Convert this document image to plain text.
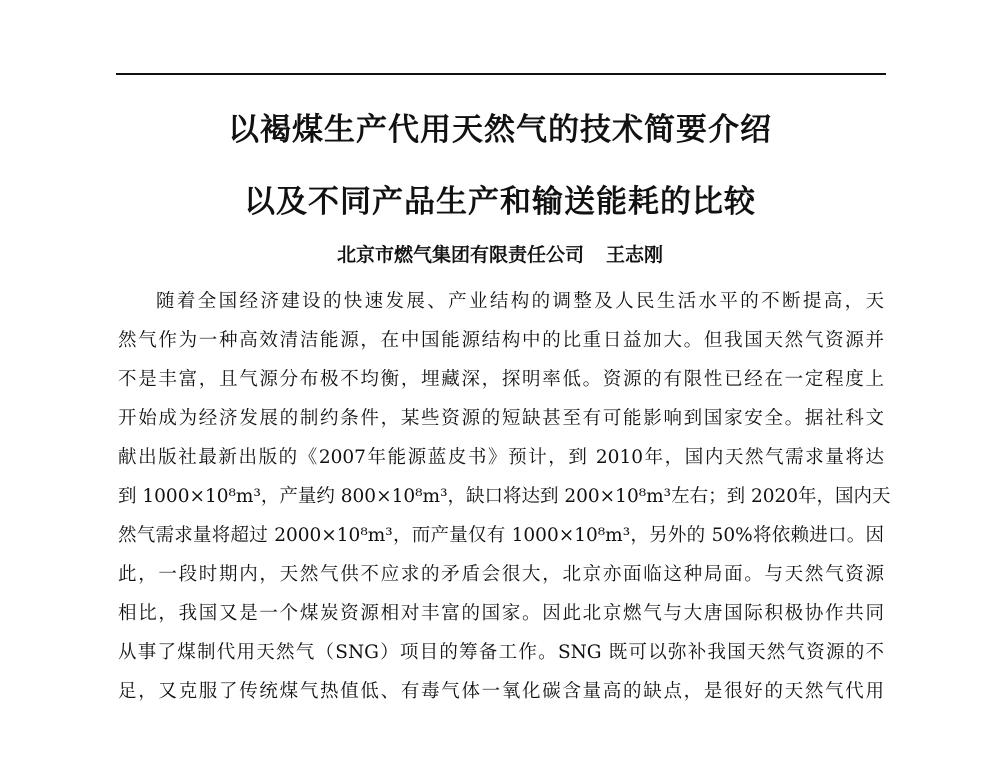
以褐煤生产代用天然气的技术简要介绍
以及不同产品生产和输送能耗的比较
北京市燃气集团有限责任公司 王志刚
随着全国经济建设的快速发展、产业结构的调整及人民生活水平的不断提高，天
然气作为一种高效清洁能源，在中国能源结构中的比重日益加大。但我国天然气资源并
不是丰富，且气源分布极不均衡，埋藏深，探明率低。资源的有限性已经在一定程度上
开始成为经济发展的制约条件，某些资源的短缺甚至有可能影响到国家安全。据社科文
献出版社最新出版的《2007年能源蓝皮书》预计，到 2010年，国内天然气需求量将达
到 1000×10⁸m³，产量约 800×10⁸m³，缺口将达到 200×10⁸m³左右；到 2020年，国内天
然气需求量将超过 2000×10⁸m³，而产量仅有 1000×10⁸m³，另外的 50%将依赖进口。因
此，一段时期内，天然气供不应求的矛盾会很大，北京亦面临这种局面。与天然气资源
相比，我国又是一个煤炭资源相对丰富的国家。因此北京燃气与大唐国际积极协作共同
从事了煤制代用天然气（SNG）项目的筹备工作。SNG 既可以弥补我国天然气资源的不
足，又克服了传统煤气热值低、有毒气体一氧化碳含量高的缺点，是很好的天然气代用
